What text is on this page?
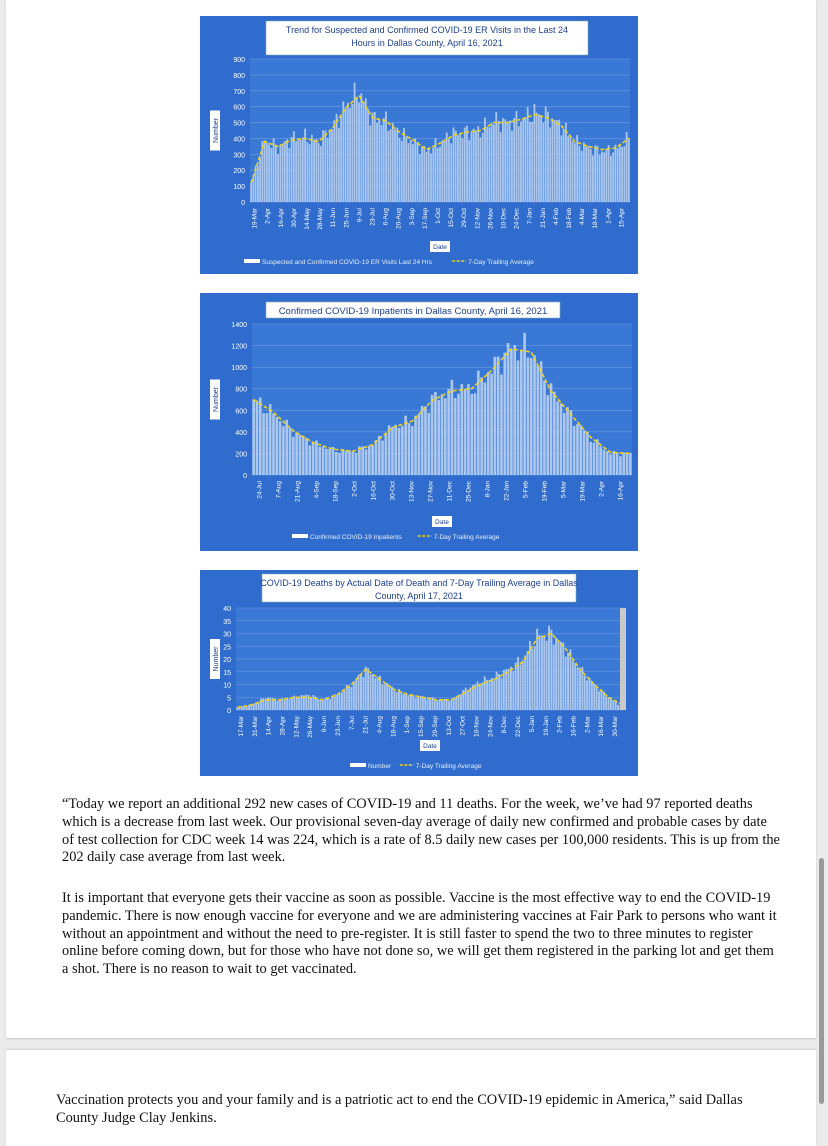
Trend for Suspected and Confirmed COVID-19 ER Visits in the Last 24
Hours in Dallas County, April 16, 2021
0
100
200
300
400
500
600
700
800
900
Number
19-Mar 2-Apr 16-Apr 30-Apr 14-May 28-May 11-Jun 25-Jun 9-Jul 23-Jul 6-Aug 20-Aug 3-Sep 17-Sep 1-Oct 15-Oct 29-Oct 12-Nov 26-Nov 10-Dec 24-Dec 7-Jan 21-Jan 4-Feb 18-Feb 4-Mar 18-Mar 1-Apr 15-Apr
Date
Suspected and Confirmed COVID-19 ER Visits Last 24 Hrs	7-Day Trailing Average
Confirmed COVID-19 Inpatients in Dallas County, April 16, 2021
0
200
400
600
800
1000
1200
1400
Number
24-Jul 7-Aug 21-Aug 4-Sep 18-Sep 2-Oct 16-Oct 30-Oct 13-Nov 27-Nov 11-Dec 25-Dec 8-Jan 22-Jan 5-Feb 19-Feb 5-Mar 19-Mar 2-Apr 16-Apr
Date
Confirmed COVID-19 Inpatients	7-Day Trailing Average
COVID-19 Deaths by Actual Date of Death and 7-Day Trailing Average in Dallas
County, April 17, 2021
0
5
10
15
20
25
30
35
40
Number
17-Mar 31-Mar 14-Apr 28-Apr 12-May 26-May 9-Jun 23-Jun 7-Jul 21-Jul 4-Aug 18-Aug 1-Sep 15-Sep 29-Sep 13-Oct 27-Oct 10-Nov 24-Nov 8-Dec 22-Dec 5-Jan 19-Jan 2-Feb 16-Feb 2-Mar 16-Mar 30-Mar
Date
Number	7-Day Trailing Average
“Today we report an additional 292 new cases of COVID-19 and 11 deaths. For the week, we’ve had 97 reported deaths which is a decrease from last week. Our provisional seven-day average of daily new confirmed and probable cases by date of test collection for CDC week 14 was 224, which is a rate of 8.5 daily new cases per 100,000 residents. This is up from the 202 daily case average from last week.
It is important that everyone gets their vaccine as soon as possible. Vaccine is the most effective way to end the COVID-19 pandemic. There is now enough vaccine for everyone and we are administering vaccines at Fair Park to persons who want it without an appointment and without the need to pre-register. It is still faster to spend the two to three minutes to register online before coming down, but for those who have not done so, we will get them registered in the parking lot and get them a shot. There is no reason to wait to get vaccinated.
Vaccination protects you and your family and is a patriotic act to end the COVID-19 epidemic in America,” said Dallas County Judge Clay Jenkins.
